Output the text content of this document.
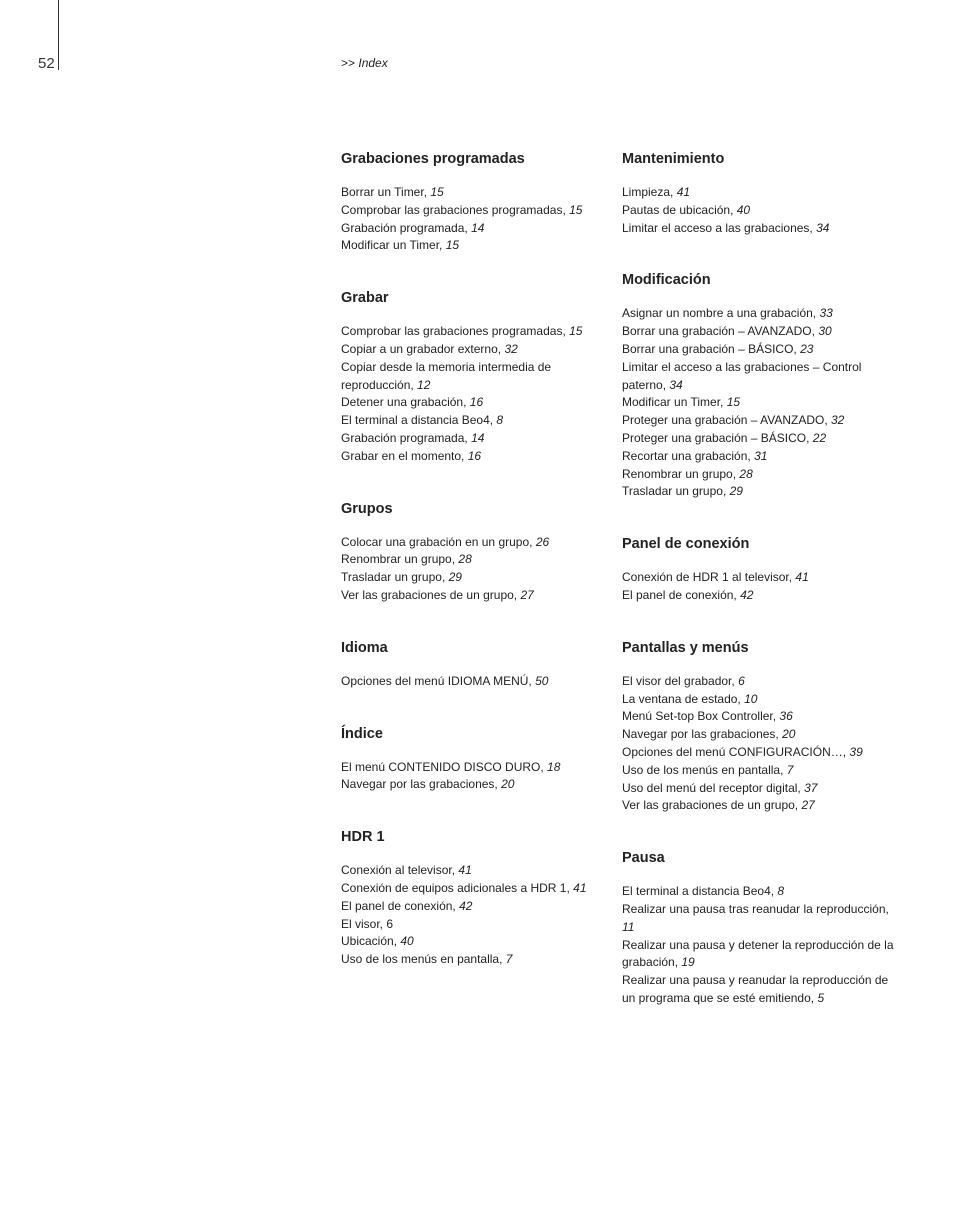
52	>> Index
Grabaciones programadas
Borrar un Timer, 15
Comprobar las grabaciones programadas, 15
Grabación programada, 14
Modificar un Timer, 15
Grabar
Comprobar las grabaciones programadas, 15
Copiar a un grabador externo, 32
Copiar desde la memoria intermedia de reproducción, 12
Detener una grabación, 16
El terminal a distancia Beo4, 8
Grabación programada, 14
Grabar en el momento, 16
Grupos
Colocar una grabación en un grupo, 26
Renombrar un grupo, 28
Trasladar un grupo, 29
Ver las grabaciones de un grupo, 27
Idioma
Opciones del menú IDIOMA MENÚ, 50
Índice
El menú CONTENIDO DISCO DURO, 18
Navegar por las grabaciones, 20
HDR 1
Conexión al televisor, 41
Conexión de equipos adicionales a HDR 1, 41
El panel de conexión, 42
El visor, 6
Ubicación, 40
Uso de los menús en pantalla, 7
Mantenimiento
Limpieza, 41
Pautas de ubicación, 40
Limitar el acceso a las grabaciones, 34
Modificación
Asignar un nombre a una grabación, 33
Borrar una grabación – AVANZADO, 30
Borrar una grabación – BÁSICO, 23
Limitar el acceso a las grabaciones – Control paterno, 34
Modificar un Timer, 15
Proteger una grabación – AVANZADO, 32
Proteger una grabación – BÁSICO, 22
Recortar una grabación, 31
Renombrar un grupo, 28
Trasladar un grupo, 29
Panel de conexión
Conexión de HDR 1 al televisor, 41
El panel de conexión, 42
Pantallas y menús
El visor del grabador, 6
La ventana de estado, 10
Menú Set-top Box Controller, 36
Navegar por las grabaciones, 20
Opciones del menú CONFIGURACIÓN…, 39
Uso de los menús en pantalla, 7
Uso del menú del receptor digital, 37
Ver las grabaciones de un grupo, 27
Pausa
El terminal a distancia Beo4, 8
Realizar una pausa tras reanudar la reproducción, 11
Realizar una pausa y detener la reproducción de la grabación, 19
Realizar una pausa y reanudar la reproducción de un programa que se esté emitiendo, 5
